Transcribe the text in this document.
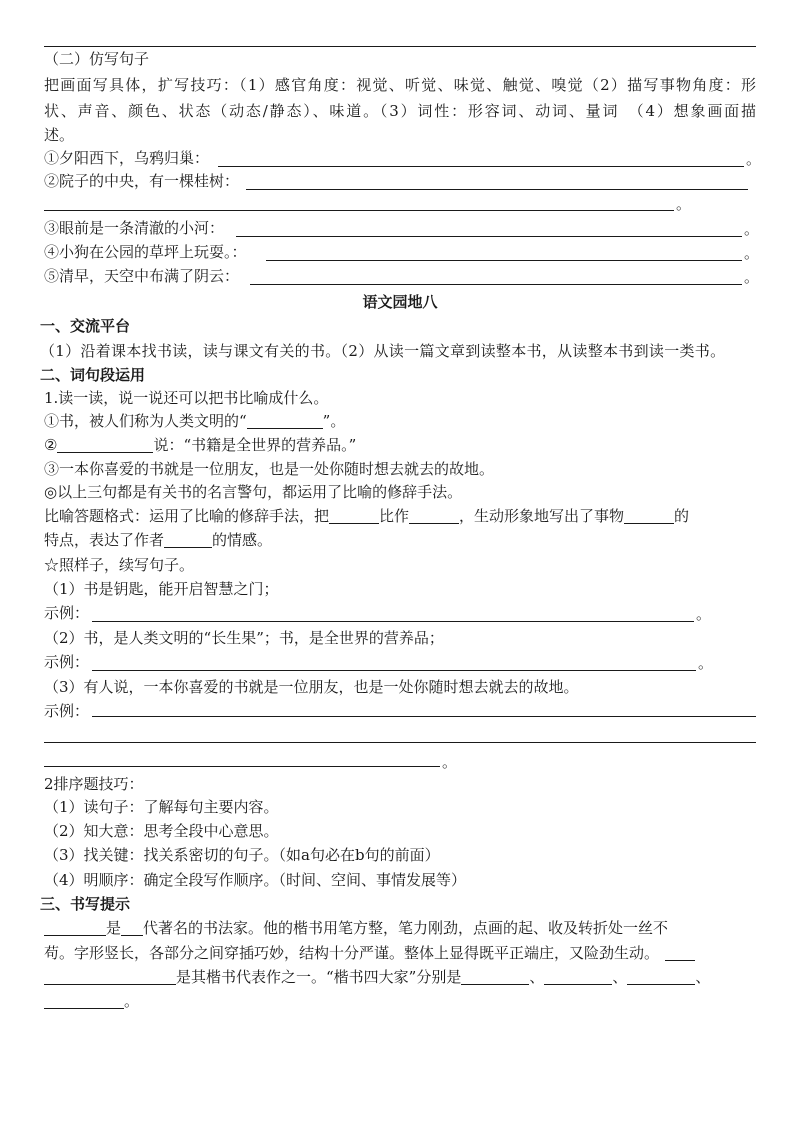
（二）仿写句子
把画面写具体，扩写技巧：（1）感官角度：视觉、听觉、味觉、触觉、嗅觉（2）描写事物角度：形
状、声音、颜色、状态（动态/静态）、味道。（3）词性：形容词、动词、量词　（4）想象画面描
述。
①夕阳西下，乌鸦归巢：	。
②院子的中央，有一棵桂树：
。
③眼前是一条清澈的小河：	。
④小狗在公园的草坪上玩耍。：	。
⑤清早，天空中布满了阴云：	。
语文园地八
一、交流平台
（1）沿着课本找书读，读与课文有关的书。（2）从读一篇文章到读整本书，从读整本书到读一类书。
二、词句段运用
1.读一读，说一说还可以把书比喻成什么。
①书，被人们称为人类文明的“	”。
②	说：“书籍是全世界的营养品。”
③一本你喜爱的书就是一位朋友，也是一处你随时想去就去的故地。
◎以上三句都是有关书的名言警句，都运用了比喻的修辞手法。
比喻答题格式：运用了比喻的修辞手法，把	比作	，生动形象地写出了事物	的
特点，表达了作者	的情感。
☆照样子，续写句子。
（1）书是钥匙，能开启智慧之门；
示例：	。
（2）书，是人类文明的“长生果”；书，是全世界的营养品；
示例：	。
（3）有人说，一本你喜爱的书就是一位朋友，也是一处你随时想去就去的故地。
示例：
。
2排序题技巧：
（1）读句子：了解每句主要内容。
（2）知大意：思考全段中心意思。
（3）找关键：找关系密切的句子。（如a句必在b句的前面）
（4）明顺序：确定全段写作顺序。（时间、空间、事情发展等）
三、书写提示
是 代著名的书法家。他的楷书用笔方整，笔力刚劲，点画的起、收及转折处一丝不
苟。字形竖长，各部分之间穿插巧妙，结构十分严谨。整体上显得既平正端庄，又险劲生动。
是其楷书代表作之一。“楷书四大家”分别是	、	、	、
。
